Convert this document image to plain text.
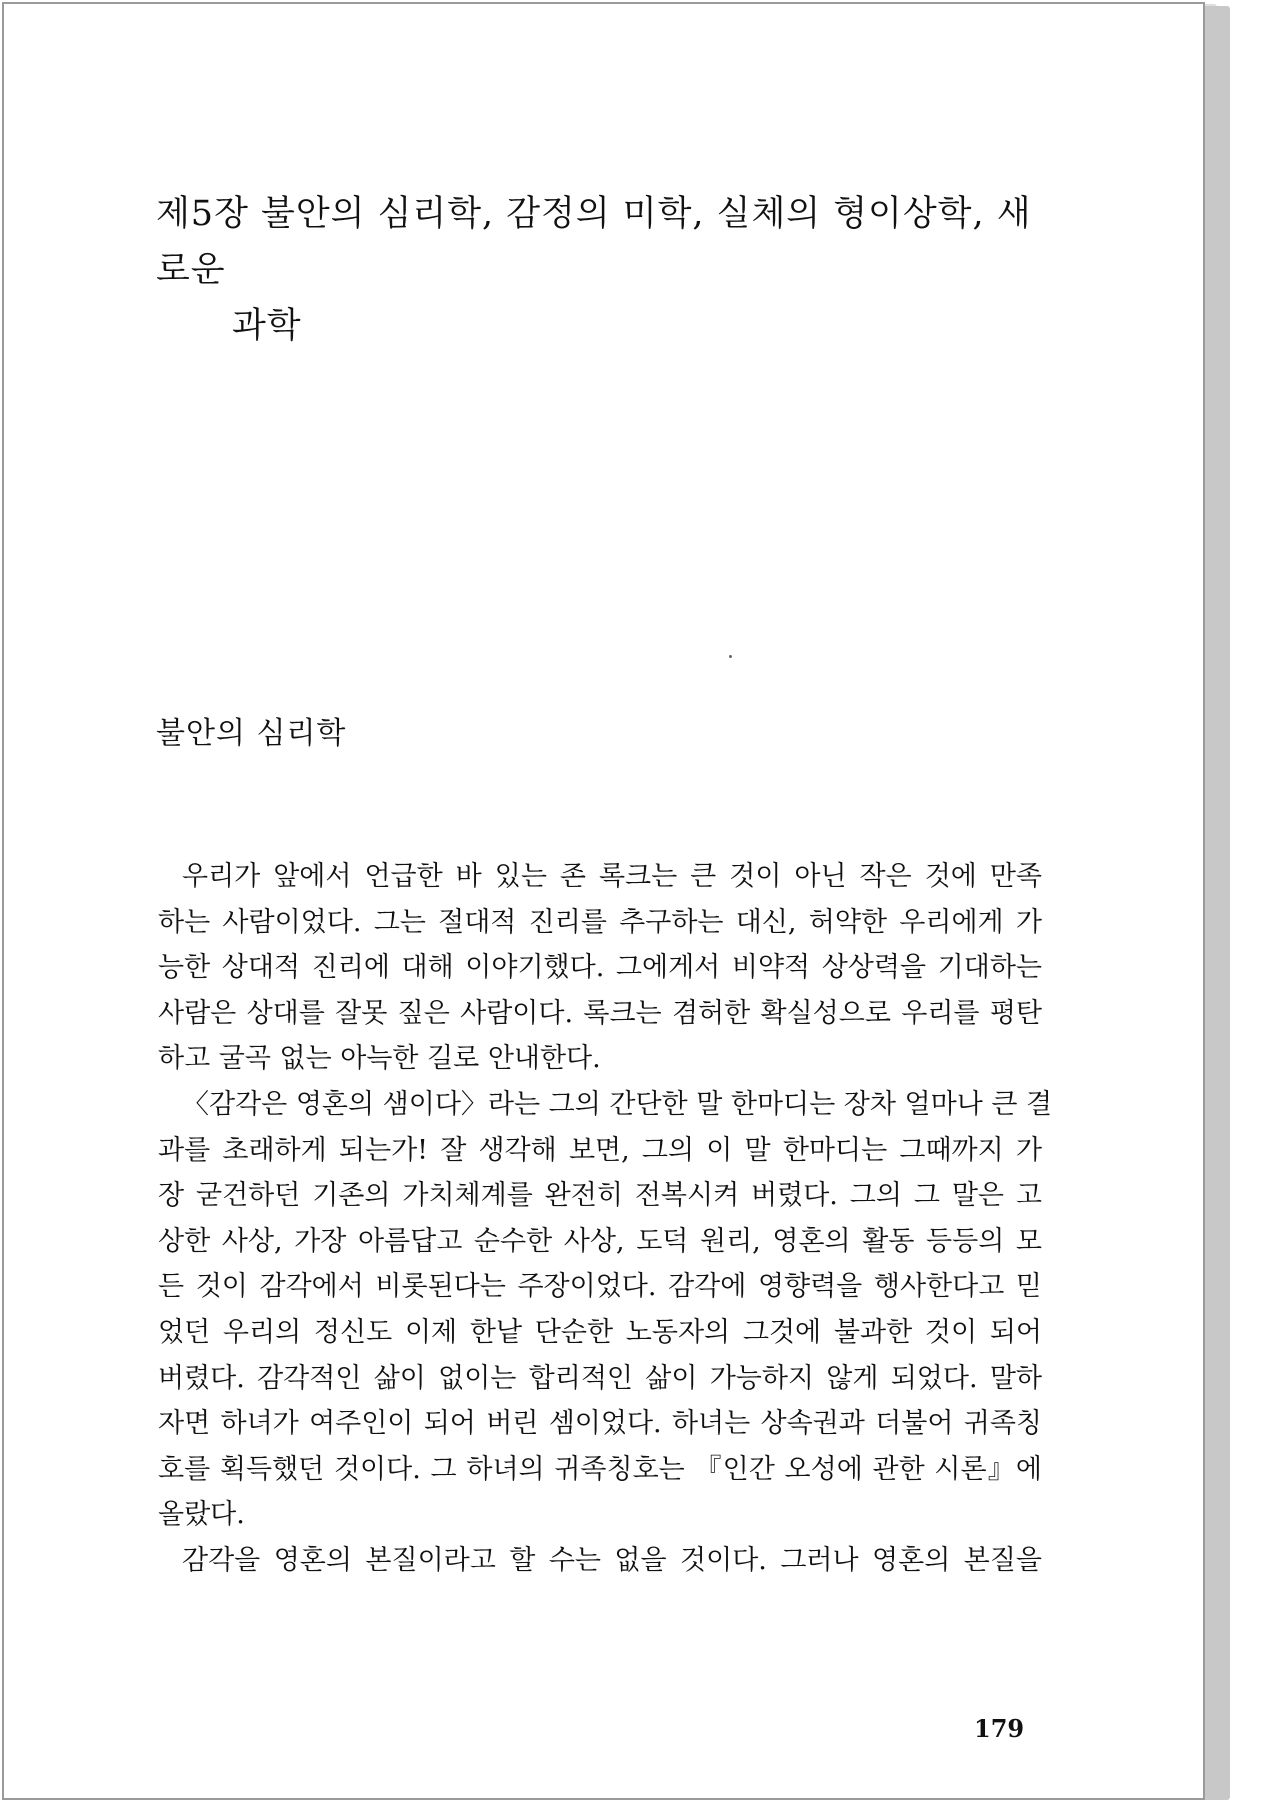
제5장 불안의 심리학, 감정의 미학, 실체의 형이상학, 새로운
과학
불안의 심리학
우리가 앞에서 언급한 바 있는 존 록크는 큰 것이 아닌 작은 것에 만족
하는 사람이었다. 그는 절대적 진리를 추구하는 대신, 허약한 우리에게 가
능한 상대적 진리에 대해 이야기했다. 그에게서 비약적 상상력을 기대하는
사람은 상대를 잘못 짚은 사람이다. 록크는 겸허한 확실성으로 우리를 평탄
하고 굴곡 없는 아늑한 길로 안내한다.
〈감각은 영혼의 샘이다〉라는 그의 간단한 말 한마디는 장차 얼마나 큰 결
과를 초래하게 되는가! 잘 생각해 보면, 그의 이 말 한마디는 그때까지 가
장 굳건하던 기존의 가치체계를 완전히 전복시켜 버렸다. 그의 그 말은 고
상한 사상, 가장 아름답고 순수한 사상, 도덕 원리, 영혼의 활동 등등의 모
든 것이 감각에서 비롯된다는 주장이었다. 감각에 영향력을 행사한다고 믿
었던 우리의 정신도 이제 한낱 단순한 노동자의 그것에 불과한 것이 되어
버렸다. 감각적인 삶이 없이는 합리적인 삶이 가능하지 않게 되었다. 말하
자면 하녀가 여주인이 되어 버린 셈이었다. 하녀는 상속권과 더불어 귀족칭
호를 획득했던 것이다. 그 하녀의 귀족칭호는 『인간 오성에 관한 시론』에
올랐다.
감각을 영혼의 본질이라고 할 수는 없을 것이다. 그러나 영혼의 본질을
179
